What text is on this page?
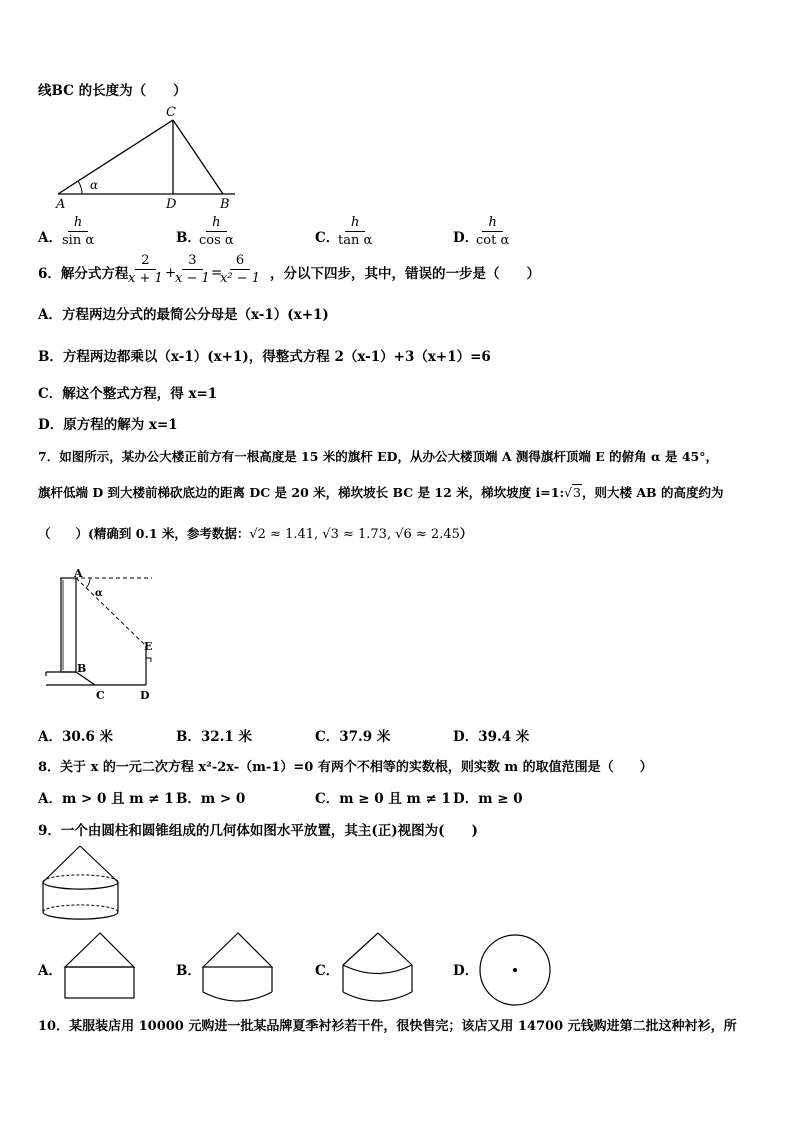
线BC 的长度为（　　）
C
A	D	B
α
A． $\frac{h}{\text{sin α}}$	B．
$\frac{h}{\text{cos α}}$	C．
$\frac{h}{\text{tan α}}$	D．
$\frac{h}{\text{cot α}}$
6．解分式方程 $\frac{2}{x + 1}$ +
$\frac{3}{x - 1}$ =
$\frac{6}{\text{x² − 1}}$ ，分以下四步，其中，错误的一步是（　　）
A．方程两边分式的最简公分母是（x-1）(x+1)
B．方程两边都乘以（x-1）(x+1)，得整式方程 2（x-1）+3（x+1）=6
C．解这个整式方程，得 x=1
D．原方程的解为 x=1
7．如图所示，某办公大楼正前方有一根高度是 15 米的旗杆 ED，从办公大楼顶端 A 测得旗杆顶端 E 的俯角 α 是 45°，
旗杆低端 D 到大楼前梯砍底边的距离 DC 是 20 米，梯坎坡长 BC 是 12 米，梯坎坡度 i=1:√3，则大楼 AB 的高度约为
（　　）(精确到 0.1 米，参考数据：√2 ≈ 1.41, √3 ≈ 1.73, √6 ≈ 2.45）
A
α
E
B
C	D
A．30.6 米	B．32.1 米	C．37.9 米	D．39.4 米
8．关于 x 的一元二次方程 x²-2x-（m-1）=0 有两个不相等的实数根，则实数 m 的取值范围是（　　）
A．m > 0 且 m ≠ 1 B．m > 0	C．m ≥ 0 且 m ≠ 1 D．m ≥ 0
9．一个由圆柱和圆锥组成的几何体如图水平放置，其主(正)视图为(　　)
A．	B．	C．	D．
10．某服装店用 10000 元购进一批某品牌夏季衬衫若干件，很快售完；该店又用 14700 元钱购进第二批这种衬衫，所
